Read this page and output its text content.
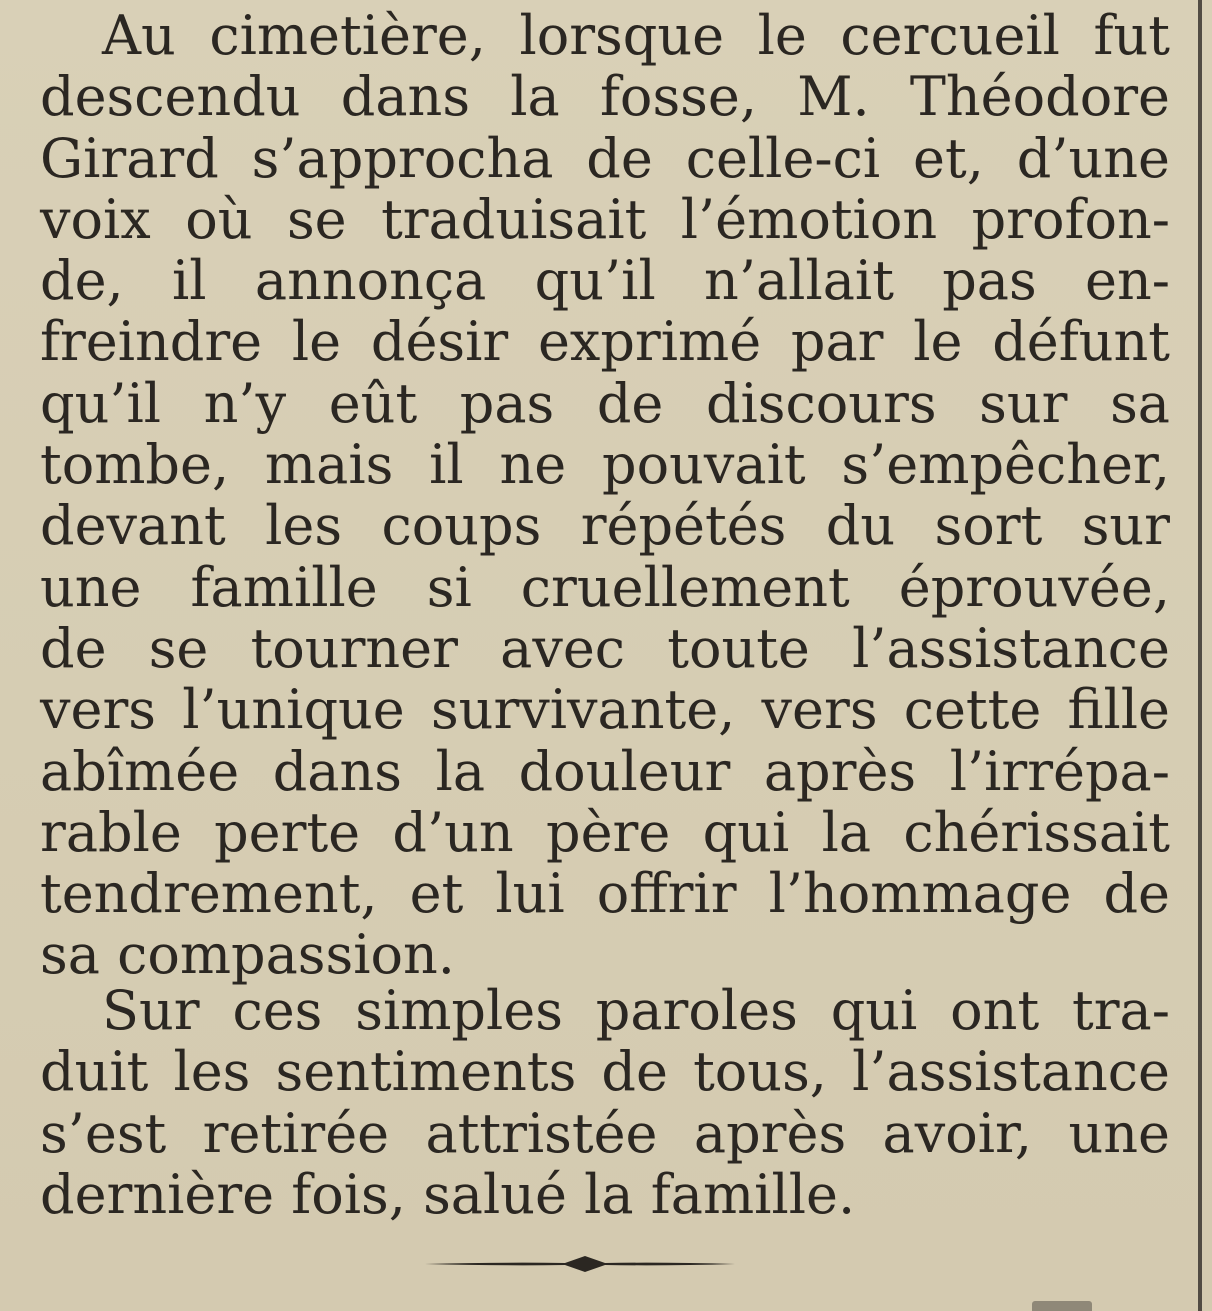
Au cimetière, lorsque le cercueil fut
descendu dans la fosse, M. Théodore
Girard s’approcha de celle-ci et, d’une
voix où se traduisait l’émotion profon-
de, il annonça qu’il n’allait pas en-
freindre le désir exprimé par le défunt
qu’il n’y eût pas de discours sur sa
tombe, mais il ne pouvait s’empêcher,
devant les coups répétés du sort sur
une famille si cruellement éprouvée,
de se tourner avec toute l’assistance
vers l’unique survivante, vers cette fille
abîmée dans la douleur après l’irrépa-
rable perte d’un père qui la chérissait
tendrement, et lui offrir l’hommage de
sa compassion.
Sur ces simples paroles qui ont tra-
duit les sentiments de tous, l’assistance
s’est retirée attristée après avoir, une
dernière fois, salué la famille.
